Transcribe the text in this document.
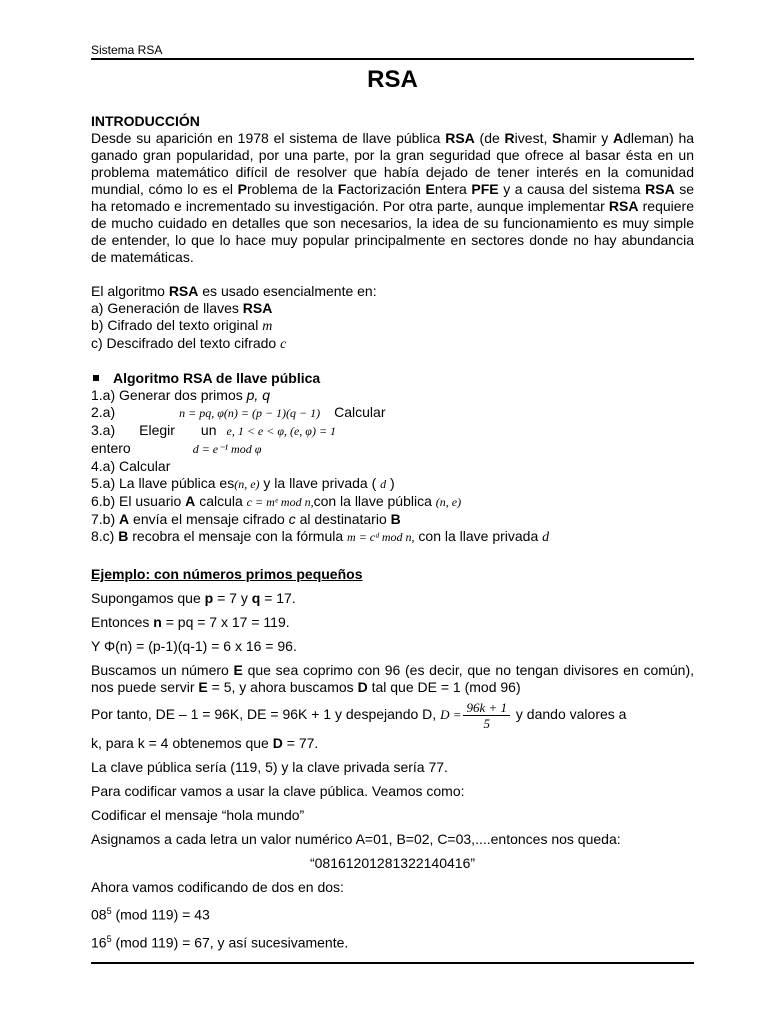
Sistema RSA
RSA

INTRODUCCIÓN

Desde su aparición en 1978 el sistema de llave pública RSA (de Rivest, Shamir y Adleman) ha ganado gran popularidad, por una parte, por la gran seguridad que ofrece al basar ésta en un problema matemático difícil de resolver que había dejado de tener interés en la comunidad mundial, cómo lo es el Problema de la Factorización Entera PFE y a causa del sistema RSA se ha retomado e incrementado su investigación. Por otra parte, aunque implementar RSA requiere de mucho cuidado en detalles que son necesarios, la idea de su funcionamiento es muy simple de entender, lo que lo hace muy popular principalmente en sectores donde no hay abundancia de matemáticas.

El algoritmo RSA es usado esencialmente en:

a) Generación de llaves RSA

b) Cifrado del texto original m

c) Descifrado del texto cifrado c

Algoritmo RSA de llave pública

1.a) Generar dos primos p, q

2.a)	n = pq, φ(n) = (p − 1)(q − 1) Calcular

3.a) Elegir un e, 1 < e < φ, (e, φ) = 1

entero	d = e⁻¹ mod φ

4.a) Calcular

5.a) La llave pública es(n, e) y la llave privada ( d )

6.b) El usuario A calcula c = mᵉ mod n,con la llave pública (n, e)

7.b) A envía el mensaje cifrado c al destinatario B

8.c) B recobra el mensaje con la fórmula m = cᵈ mod n, con la llave privada d

Ejemplo: con números primos pequeños

Supongamos que p = 7 y q = 17.

Entonces n = pq = 7 x 17 = 119.

Y Φ(n) = (p-1)(q-1) = 6 x 16 = 96.

Buscamos un número E que sea coprimo con 96 (es decir, que no tengan divisores en común), nos puede servir E = 5, y ahora buscamos D tal que DE = 1 (mod 96)

Por tanto, DE – 1 = 96K, DE = 96K + 1 y despejando D, $D = \frac{96k + 1}{5}$ y dando valores a

k, para k = 4 obtenemos que D = 77.

La clave pública sería (119, 5) y la clave privada sería 77.

Para codificar vamos a usar la clave pública. Veamos como:

Codificar el mensaje “hola mundo”

Asignamos a cada letra un valor numérico A=01, B=02, C=03,....entonces nos queda:

“08161201281322140416”

Ahora vamos codificando de dos en dos:

$08^5$ (mod 119) = 43

$16^5$ (mod 119) = 67, y así sucesivamente.
